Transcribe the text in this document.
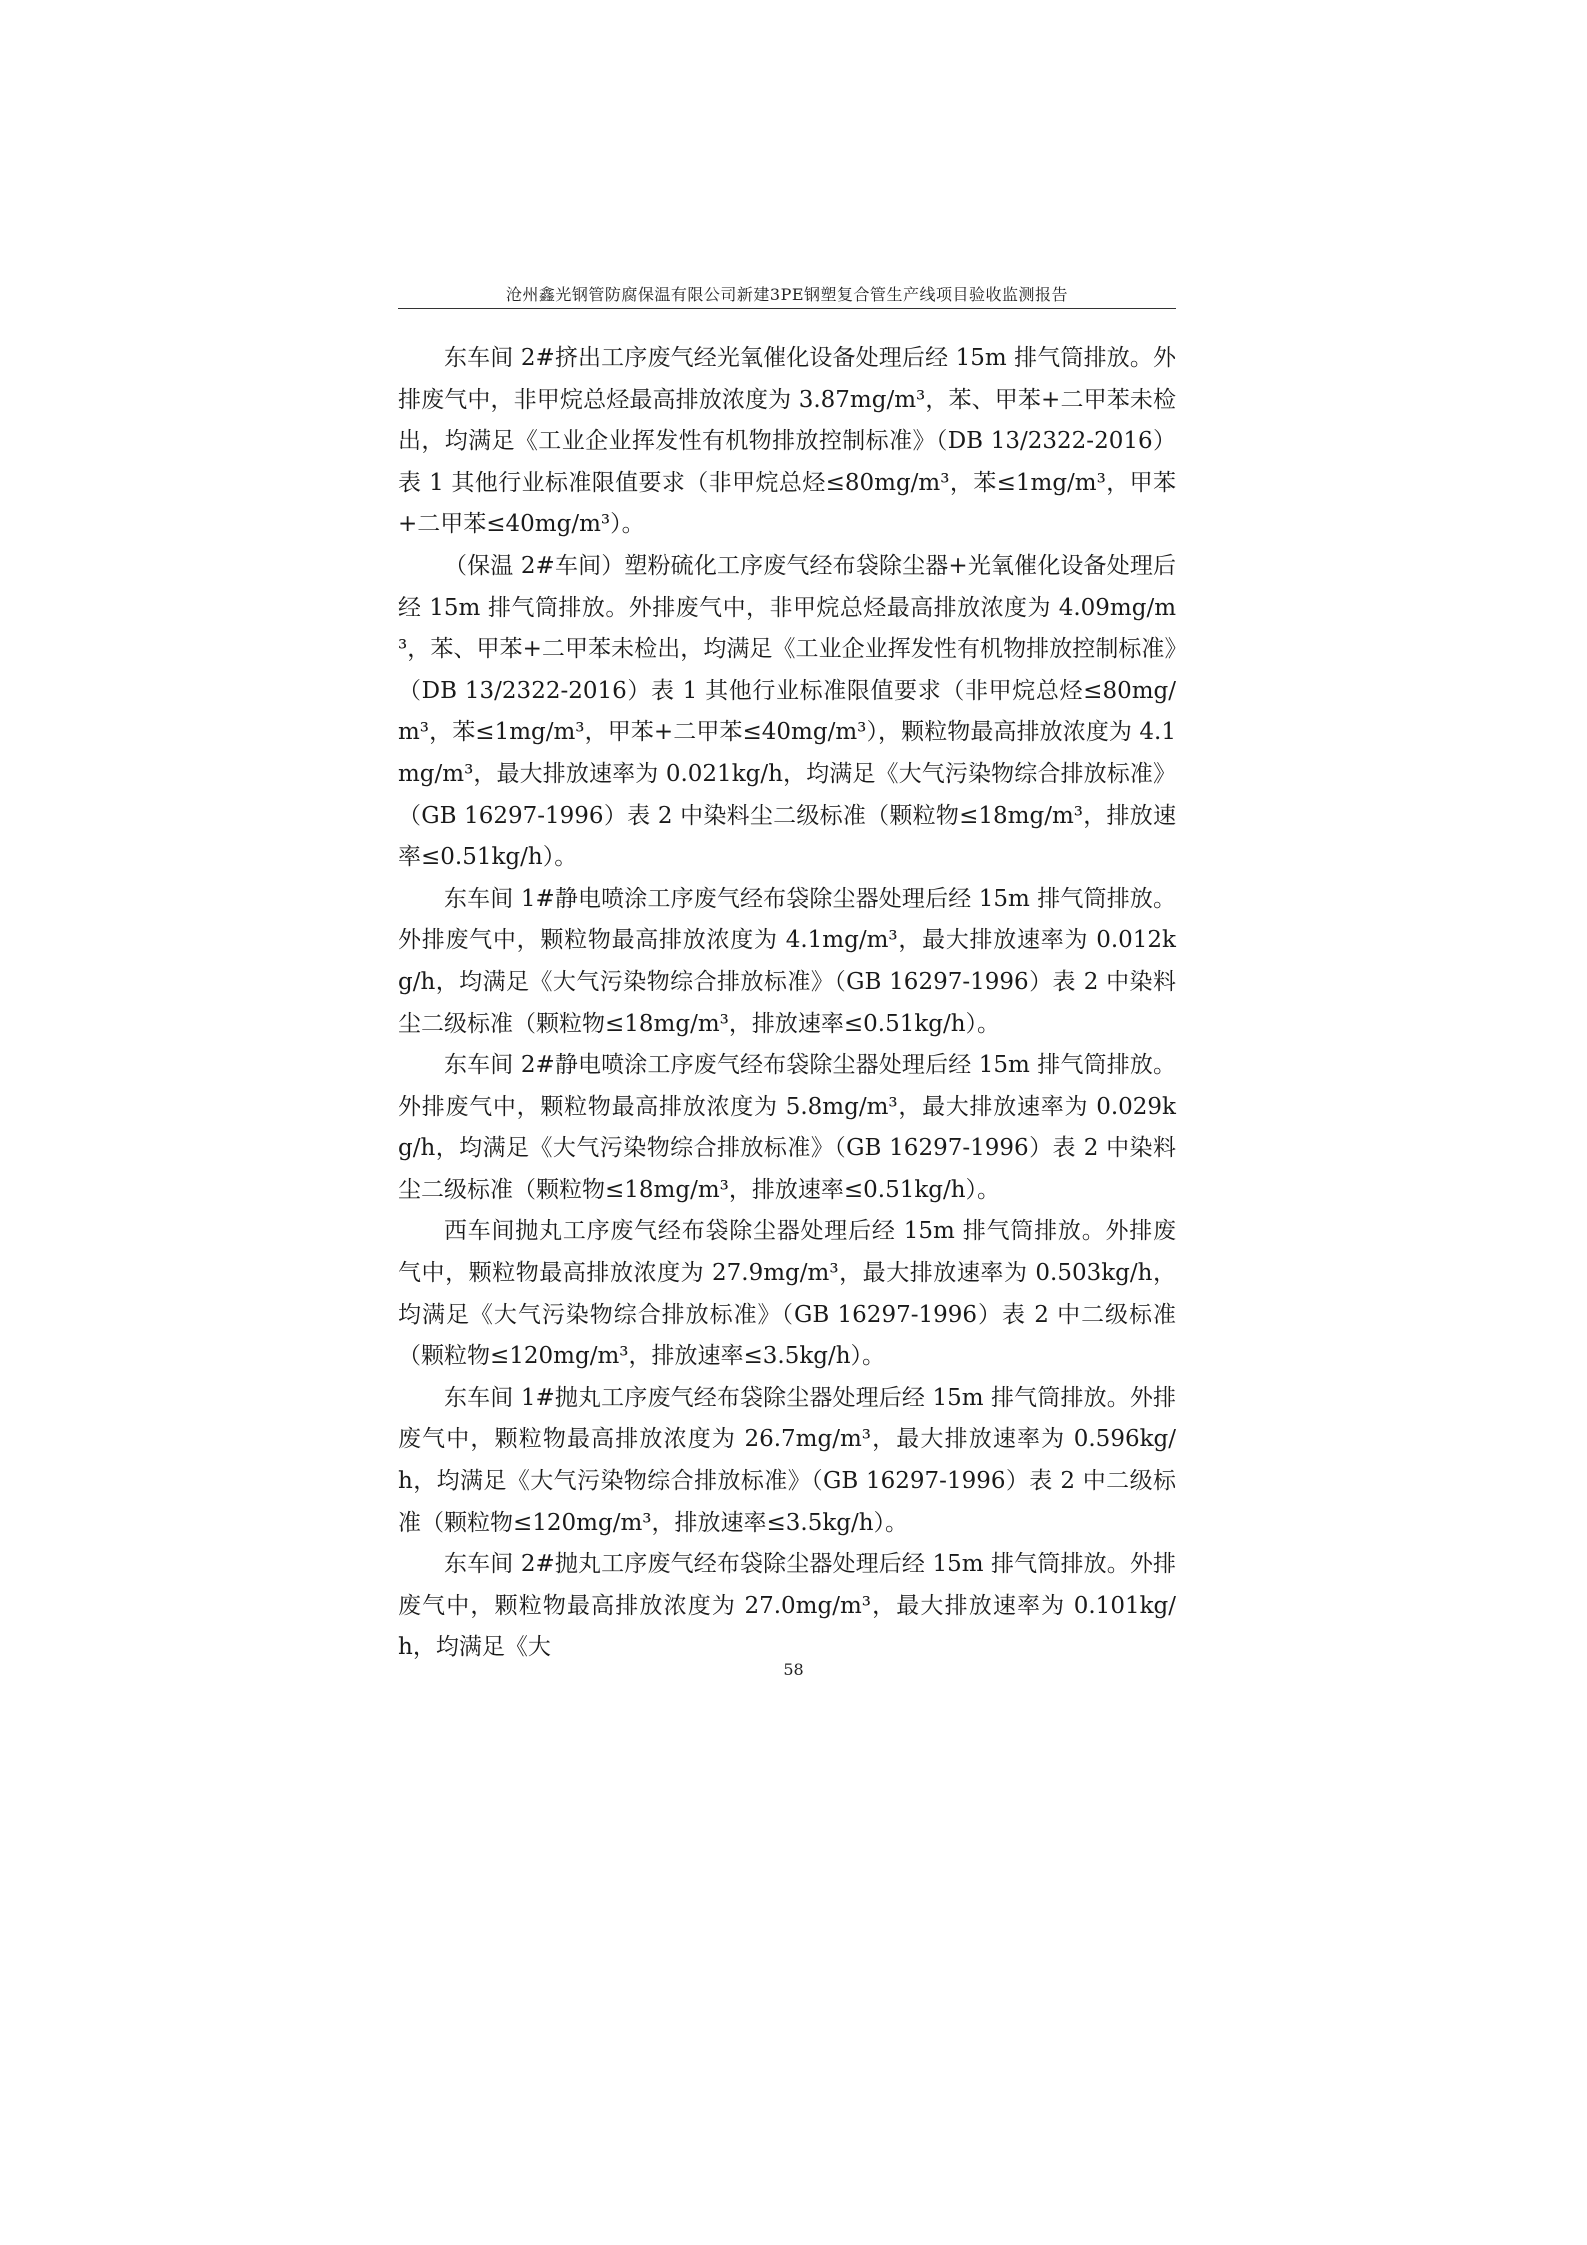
沧州鑫光钢管防腐保温有限公司新建3PE钢塑复合管生产线项目验收监测报告

东车间 2#挤出工序废气经光氧催化设备处理后经 15m 排气筒排放。外排废气中，非甲烷总烃最高排放浓度为 3.87mg/m³，苯、甲苯+二甲苯未检出，均满足《工业企业挥发性有机物排放控制标准》（DB 13/2322-2016）表 1 其他行业标准限值要求（非甲烷总烃≤80mg/m³，苯≤1mg/m³，甲苯+二甲苯≤40mg/m³）。

（保温 2#车间）塑粉硫化工序废气经布袋除尘器+光氧催化设备处理后经 15m 排气筒排放。外排废气中，非甲烷总烃最高排放浓度为 4.09mg/m³，苯、甲苯+二甲苯未检出，均满足《工业企业挥发性有机物排放控制标准》（DB 13/2322-2016）表 1 其他行业标准限值要求（非甲烷总烃≤80mg/m³，苯≤1mg/m³，甲苯+二甲苯≤40mg/m³），颗粒物最高排放浓度为 4.1mg/m³，最大排放速率为 0.021kg/h，均满足《大气污染物综合排放标准》（GB 16297-1996）表 2 中染料尘二级标准（颗粒物≤18mg/m³，排放速率≤0.51kg/h）。

东车间 1#静电喷涂工序废气经布袋除尘器处理后经 15m 排气筒排放。外排废气中，颗粒物最高排放浓度为 4.1mg/m³，最大排放速率为 0.012kg/h，均满足《大气污染物综合排放标准》（GB 16297-1996）表 2 中染料尘二级标准（颗粒物≤18mg/m³，排放速率≤0.51kg/h）。

东车间 2#静电喷涂工序废气经布袋除尘器处理后经 15m 排气筒排放。外排废气中，颗粒物最高排放浓度为 5.8mg/m³，最大排放速率为 0.029kg/h，均满足《大气污染物综合排放标准》（GB 16297-1996）表 2 中染料尘二级标准（颗粒物≤18mg/m³，排放速率≤0.51kg/h）。

西车间抛丸工序废气经布袋除尘器处理后经 15m 排气筒排放。外排废气中，颗粒物最高排放浓度为 27.9mg/m³，最大排放速率为 0.503kg/h，均满足《大气污染物综合排放标准》（GB 16297-1996）表 2 中二级标准（颗粒物≤120mg/m³，排放速率≤3.5kg/h）。

东车间 1#抛丸工序废气经布袋除尘器处理后经 15m 排气筒排放。外排废气中，颗粒物最高排放浓度为 26.7mg/m³，最大排放速率为 0.596kg/h，均满足《大气污染物综合排放标准》（GB 16297-1996）表 2 中二级标准（颗粒物≤120mg/m³，排放速率≤3.5kg/h）。

东车间 2#抛丸工序废气经布袋除尘器处理后经 15m 排气筒排放。外排废气中，颗粒物最高排放浓度为 27.0mg/m³，最大排放速率为 0.101kg/h，均满足《大

58
